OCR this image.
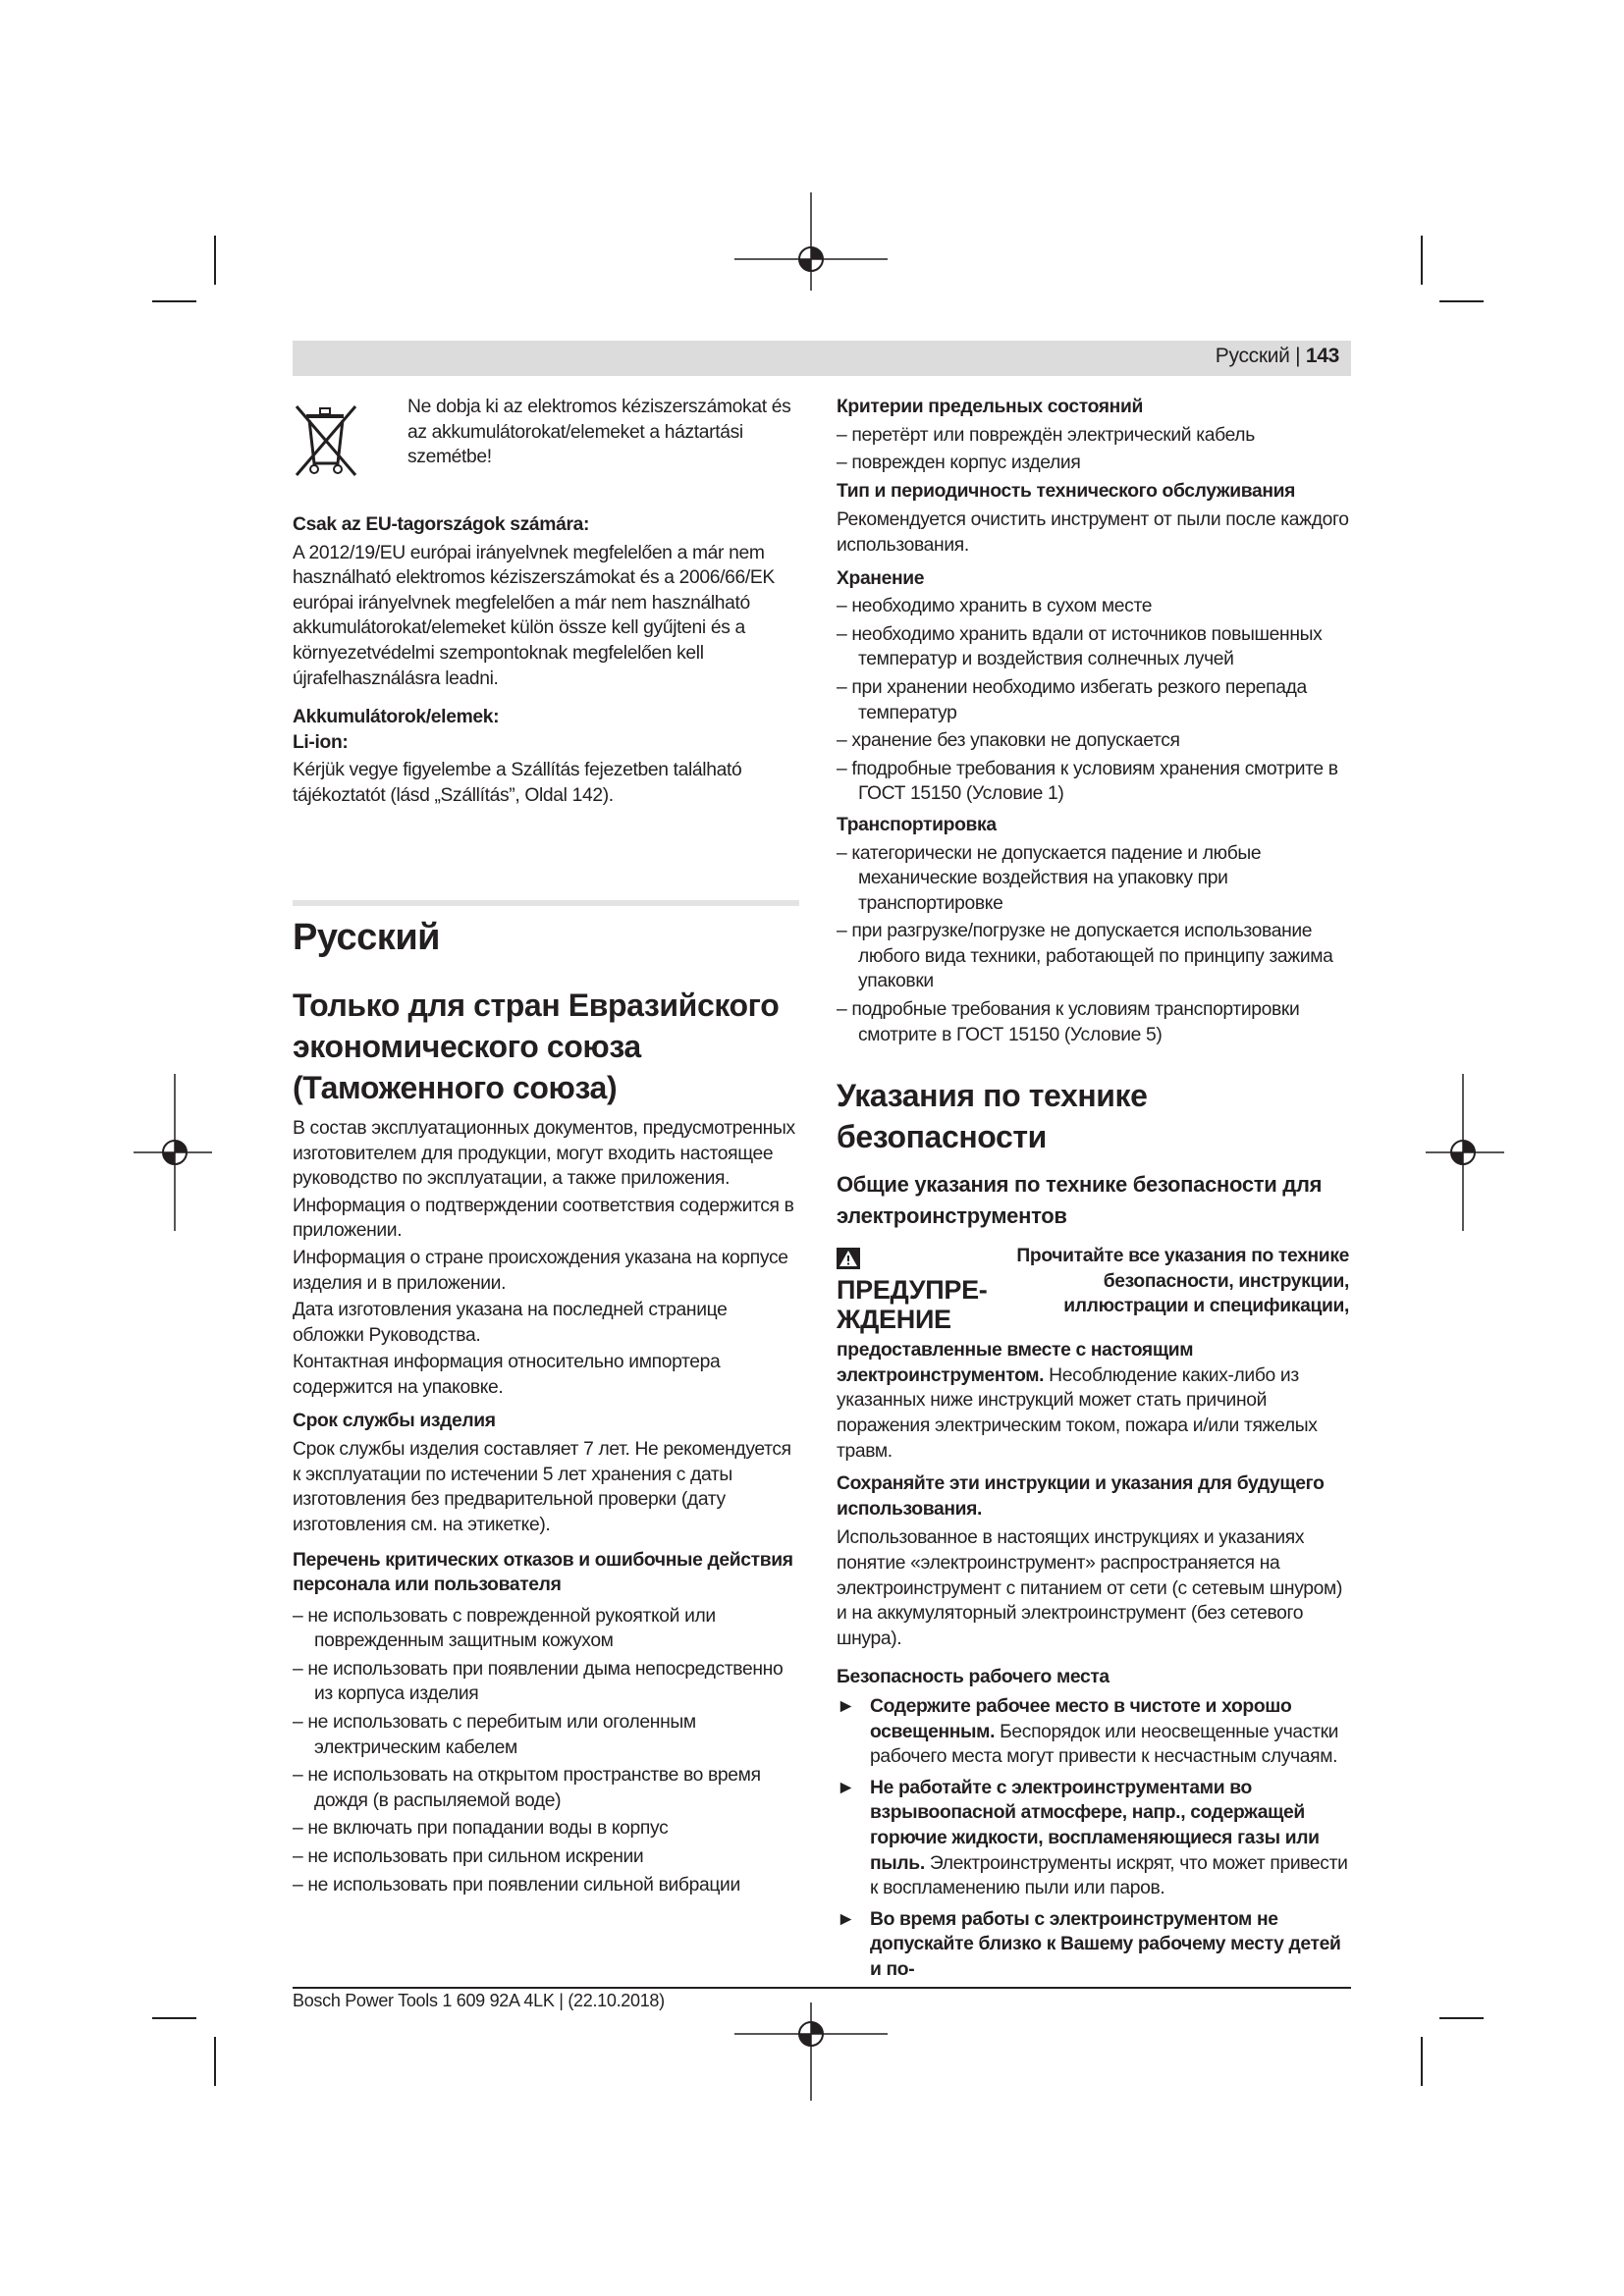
Русский | 143

Ne dobja ki az elektromos kéziszerszámokat és az akkumulátorokat/elemeket a háztartási szemétbe!

Csak az EU-tagországok számára:

A 2012/19/EU európai irányelvnek megfelelően a már nem használható elektromos kéziszerszámokat és a 2006/66/EK európai irányelvnek megfelelően a már nem használható akkumulátorokat/elemeket külön össze kell gyűjteni és a környezetvédelmi szempontoknak megfelelően kell újrafelhasználásra leadni.

Akkumulátorok/elemek:

Li-ion:

Kérjük vegye figyelembe a Szállítás fejezetben található tájékoztatót (lásd „Szállítás”, Oldal 142).

Русский

Только для стран Евразийского экономического союза (Таможенного союза)

В состав эксплуатационных документов, предусмотренных изготовителем для продукции, могут входить настоящее руководство по эксплуатации, а также приложения.

Информация о подтверждении соответствия содержится в приложении.

Информация о стране происхождения указана на корпусе изделия и в приложении.

Дата изготовления указана на последней странице обложки Руководства.

Контактная информация относительно импортера содержится на упаковке.

Срок службы изделия

Срок службы изделия составляет 7 лет. Не рекомендуется к эксплуатации по истечении 5 лет хранения с даты изготовления без предварительной проверки (дату изготовления см. на этикетке).

Перечень критических отказов и ошибочные действия персонала или пользователя

– не использовать с поврежденной рукояткой или поврежденным защитным кожухом

– не использовать при появлении дыма непосредственно из корпуса изделия

– не использовать с перебитым или оголенным электрическим кабелем

– не использовать на открытом пространстве во время дождя (в распыляемой воде)

– не включать при попадании воды в корпус

– не использовать при сильном искрении

– не использовать при появлении сильной вибрации

Критерии предельных состояний

– перетёрт или повреждён электрический кабель

– поврежден корпус изделия

Тип и периодичность технического обслуживания

Рекомендуется очистить инструмент от пыли после каждого использования.

Хранение

– необходимо хранить в сухом месте

– необходимо хранить вдали от источников повышенных температур и воздействия солнечных лучей

– при хранении необходимо избегать резкого перепада температур

– хранение без упаковки не допускается

– fподробные требования к условиям хранения смотрите в ГОСТ 15150 (Условие 1)

Транспортировка

– категорически не допускается падение и любые механические воздействия на упаковку при транспортировке

– при разгрузке/погрузке не допускается использование любого вида техники, работающей по принципу зажима упаковки

– подробные требования к условиям транспортировки смотрите в ГОСТ 15150 (Условие 5)

Указания по технике безопасности

Общие указания по технике безопасности для электроинструментов

ПРЕДУПРЕ- ЖДЕНИЕ

Прочитайте все указания по технике безопасности, инструкции, иллюстрации и спецификации,

предоставленные вместе с настоящим электроинструментом. Несоблюдение каких-либо из указанных ниже инструкций может стать причиной поражения электрическим током, пожара и/или тяжелых травм.

Сохраняйте эти инструкции и указания для будущего использования.

Использованное в настоящих инструкциях и указаниях понятие «электроинструмент» распространяется на электроинструмент с питанием от сети (с сетевым шнуром) и на аккумуляторный электроинструмент (без сетевого шнура).

Безопасность рабочего места

► Содержите рабочее место в чистоте и хорошо освещенным. Беспорядок или неосвещенные участки рабочего места могут привести к несчастным случаям.

► Не работайте с электроинструментами во взрывоопасной атмосфере, напр., содержащей горючие жидкости, воспламеняющиеся газы или пыль. Электроинструменты искрят, что может привести к воспламенению пыли или паров.

► Во время работы с электроинструментом не допускайте близко к Вашему рабочему месту детей и по-

Bosch Power Tools 1 609 92A 4LK | (22.10.2018)
